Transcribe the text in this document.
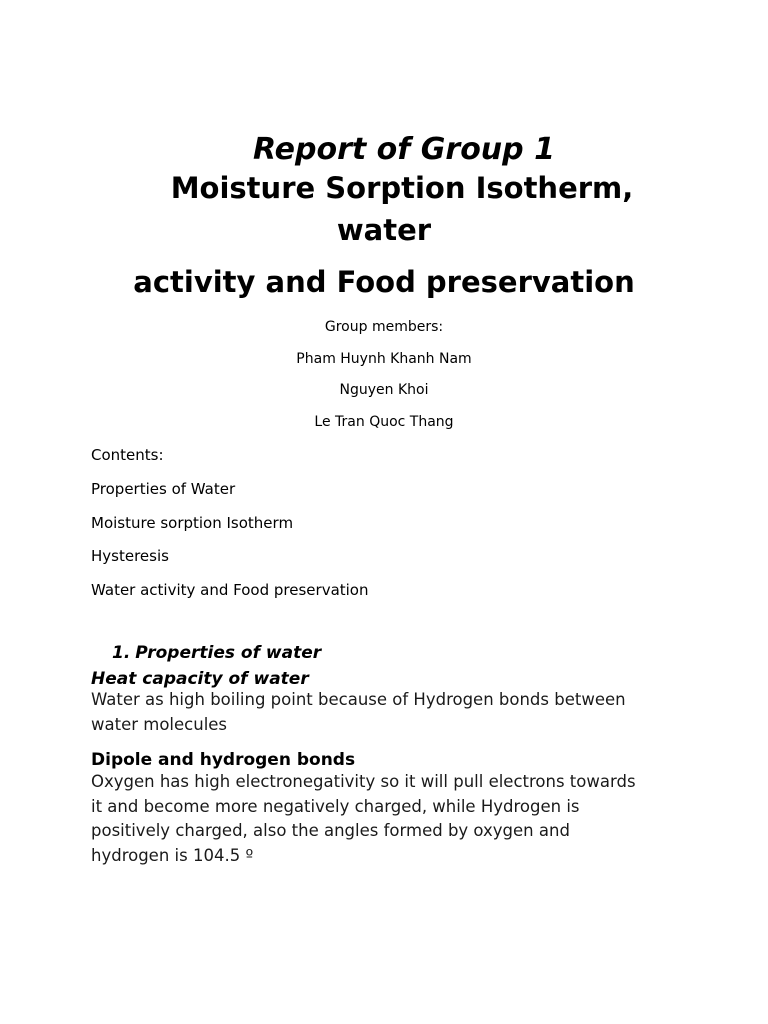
Report of Group 1
Moisture Sorption Isotherm,
water
activity and Food preservation

Group members:

Pham Huynh Khanh Nam

Nguyen Khoi

Le Tran Quoc Thang

Contents:

Properties of Water

Moisture sorption Isotherm

Hysteresis

Water activity and Food preservation

1. Properties of water
Heat capacity of water

Water as high boiling point because of Hydrogen bonds between
water molecules

Dipole and hydrogen bonds

Oxygen has high electronegativity so it will pull electrons towards
it and become more negatively charged, while Hydrogen is
positively charged, also the angles formed by oxygen and
hydrogen is 104.5 º
